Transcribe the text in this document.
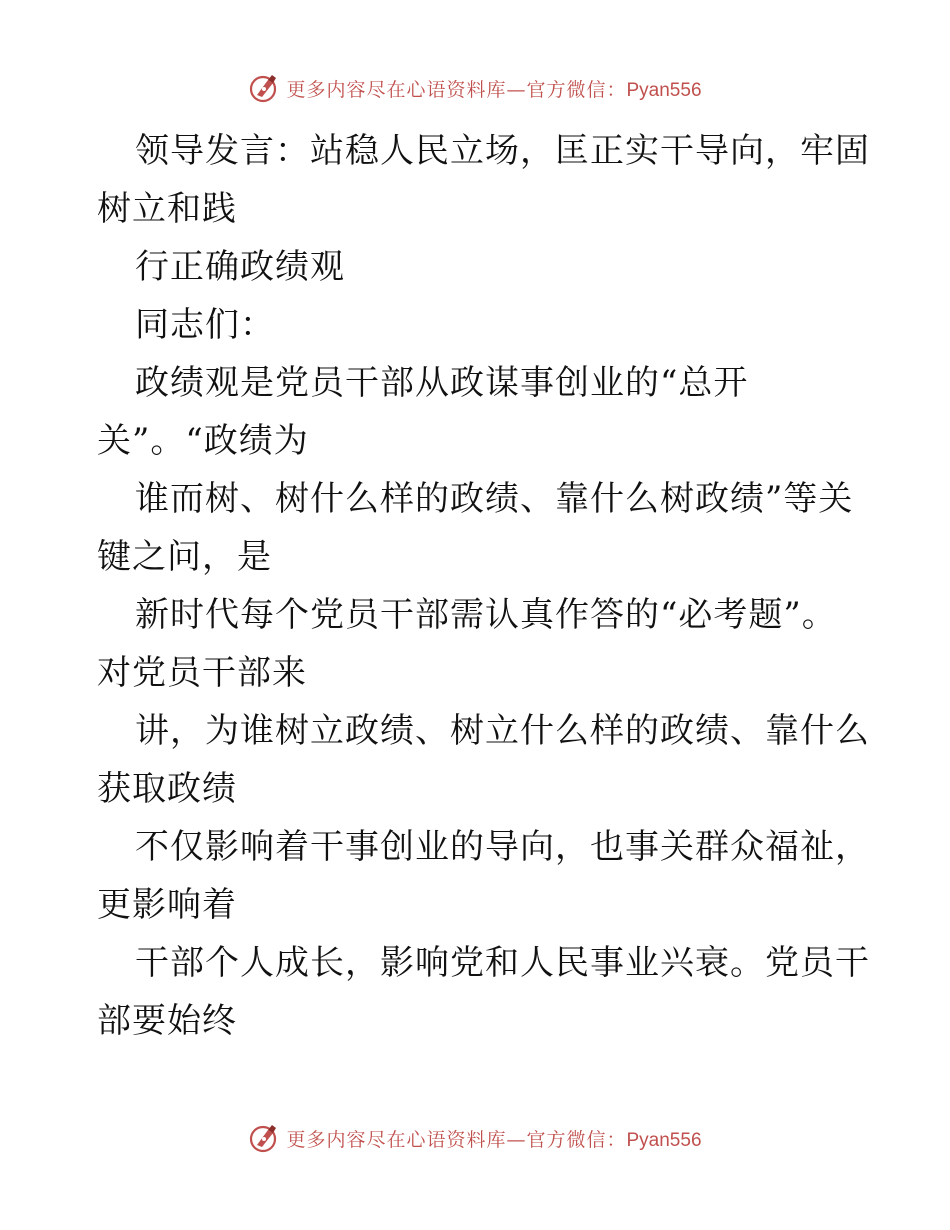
更多内容尽在心语资料库—官方微信：Pyan556
领导发言：站稳人民立场，匡正实干导向，牢固
树立和践
行正确政绩观
同志们：
政绩观是党员干部从政谋事创业的“总开
关”。“政绩为
谁而树、树什么样的政绩、靠什么树政绩”等关
键之问，是
新时代每个党员干部需认真作答的“必考题”。
对党员干部来
讲，为谁树立政绩、树立什么样的政绩、靠什么
获取政绩
不仅影响着干事创业的导向，也事关群众福祉，
更影响着
干部个人成长，影响党和人民事业兴衰。党员干
部要始终
更多内容尽在心语资料库—官方微信：Pyan556
